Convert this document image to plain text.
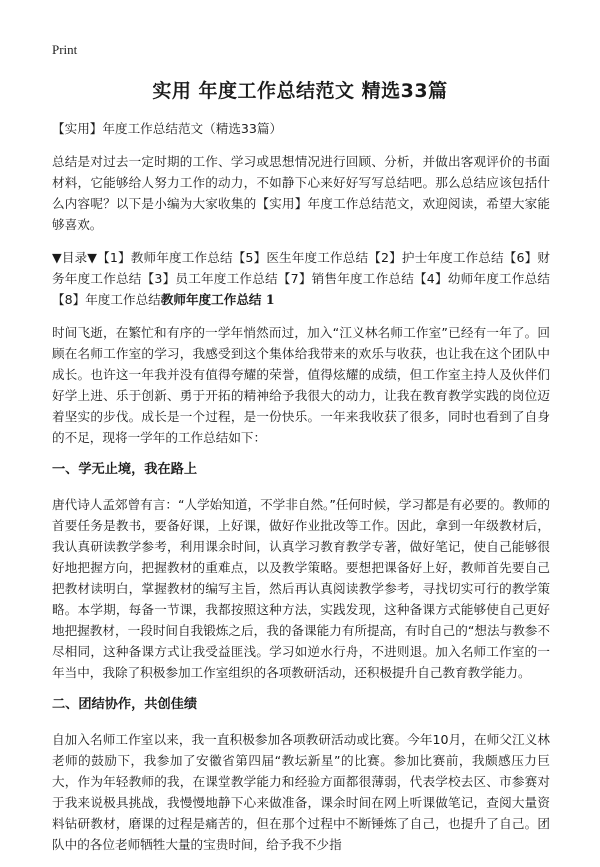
Print
实用 年度工作总结范文 精选33篇

【实用】年度工作总结范文（精选33篇）

总结是对过去一定时期的工作、学习或思想情况进行回顾、分析，并做出客观评价的书面材料，它能够给人努力工作的动力，不如静下心来好好写写总结吧。那么总结应该包括什么内容呢？以下是小编为大家收集的【实用】年度工作总结范文，欢迎阅读，希望大家能够喜欢。

▼目录▼【1】教师年度工作总结【5】医生年度工作总结【2】护士年度工作总结【6】财务年度工作总结【3】员工年度工作总结【7】销售年度工作总结【4】幼师年度工作总结【8】年度工作总结教师年度工作总结 1

时间飞逝，在繁忙和有序的一学年悄然而过，加入“江义林名师工作室”已经有一年了。回顾在名师工作室的学习，我感受到这个集体给我带来的欢乐与收获，也让我在这个团队中成长。也许这一年我并没有值得夸耀的荣誉，值得炫耀的成绩，但工作室主持人及伙伴们好学上进、乐于创新、勇于开拓的精神给予我很大的动力，让我在教育教学实践的岗位迈着坚实的步伐。成长是一个过程，是一份快乐。一年来我收获了很多，同时也看到了自身的不足，现将一学年的工作总结如下：

一、学无止境，我在路上

唐代诗人孟郊曾有言：“人学始知道，不学非自然。”任何时候，学习都是有必要的。教师的首要任务是教书，要备好课，上好课，做好作业批改等工作。因此，拿到一年级教材后，我认真研读教学参考，利用课余时间，认真学习教育教学专著，做好笔记，使自己能够很好地把握方向，把握教材的重难点，以及教学策略。要想把课备好上好，教师首先要自己把教材读明白，掌握教材的编写主旨，然后再认真阅读教学参考，寻找切实可行的教学策略。本学期，每备一节课，我都按照这种方法，实践发现，这种备课方式能够使自己更好地把握教材，一段时间自我锻炼之后，我的备课能力有所提高，有时自己的“想法与教参不尽相同，这种备课方式让我受益匪浅。学习如逆水行舟，不进则退。加入名师工作室的一年当中，我除了积极参加工作室组织的各项教研活动，还积极提升自己教育教学能力。

二、团结协作，共创佳绩

自加入名师工作室以来，我一直积极参加各项教研活动或比赛。今年10月，在师父江义林老师的鼓励下，我参加了安徽省第四届“教坛新星”的比赛。参加比赛前，我颇感压力巨大，作为年轻教师的我，在课堂教学能力和经验方面都很薄弱，代表学校去区、市参赛对于我来说极具挑战，我慢慢地静下心来做准备，课余时间在网上听课做笔记，查阅大量资料钻研教材，磨课的过程是痛苦的，但在那个过程中不断锤炼了自己，也提升了自己。团队中的各位老师牺牲大量的宝贵时间，给予我不少指
